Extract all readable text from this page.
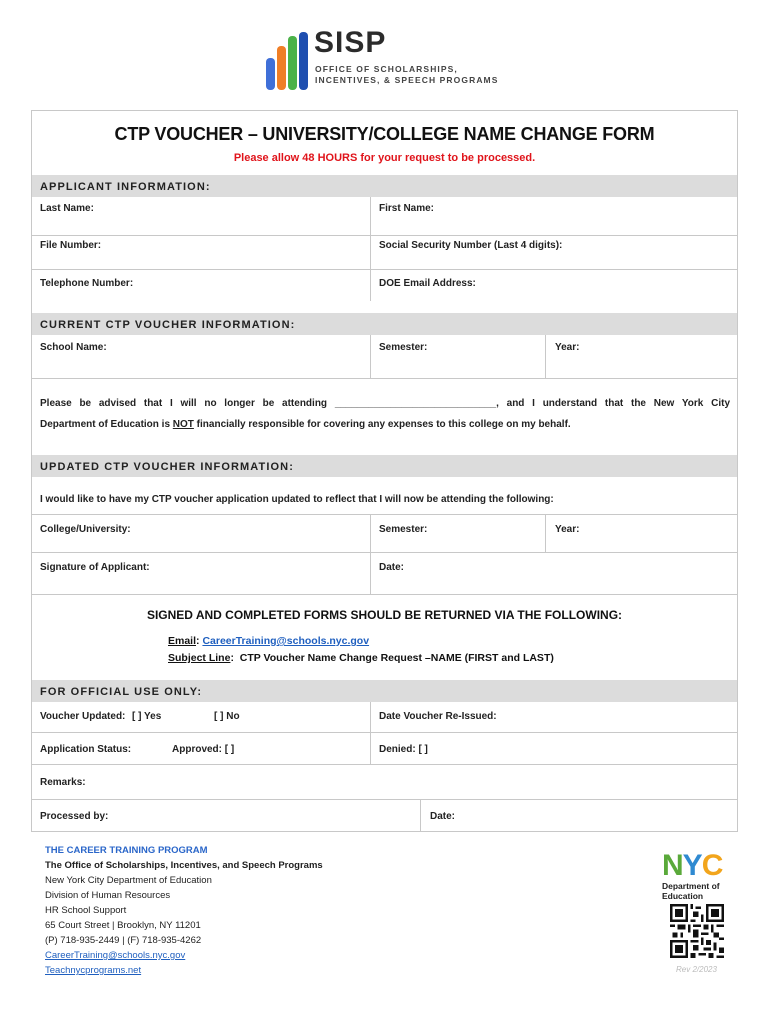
SISP
OFFICE OF SCHOLARSHIPS,
INCENTIVES, & SPEECH PROGRAMS
CTP VOUCHER – UNIVERSITY/COLLEGE NAME CHANGE FORM
Please allow 48 HOURS for your request to be processed.
APPLICANT INFORMATION:
Last Name:	First Name:
File Number:	Social Security Number (Last 4 digits):
Telephone Number:	DOE Email Address:
CURRENT CTP VOUCHER INFORMATION:
School Name:	Semester:	Year:
Please be advised that I will no longer be attending _____________________________, and I understand that the New York City
Department of Education is NOT financially responsible for covering any expenses to this college on my behalf.
UPDATED CTP VOUCHER INFORMATION:
I would like to have my CTP voucher application updated to reflect that I will now be attending the following:
College/University:	Semester:	Year:
Signature of Applicant:	Date:
SIGNED AND COMPLETED FORMS SHOULD BE RETURNED VIA THE FOLLOWING:
Email: CareerTraining@schools.nyc.gov
Subject Line:  CTP Voucher Name Change Request –NAME (FIRST and LAST)
FOR OFFICIAL USE ONLY:
Voucher Updated: [ ] Yes	[ ] No	Date Voucher Re-Issued:
Application Status:	Approved: [ ]	Denied: [ ]
Remarks:
Processed by:	Date:
THE CAREER TRAINING PROGRAM
The Office of Scholarships, Incentives, and Speech Programs
New York City Department of Education
Division of Human Resources
HR School Support
65 Court Street | Brooklyn, NY 11201
(P) 718-935-2449 | (F) 718-935-4262
CareerTraining@schools.nyc.gov
Teachnycprograms.net
NYC
Department of
Education
Rev 2/2023
